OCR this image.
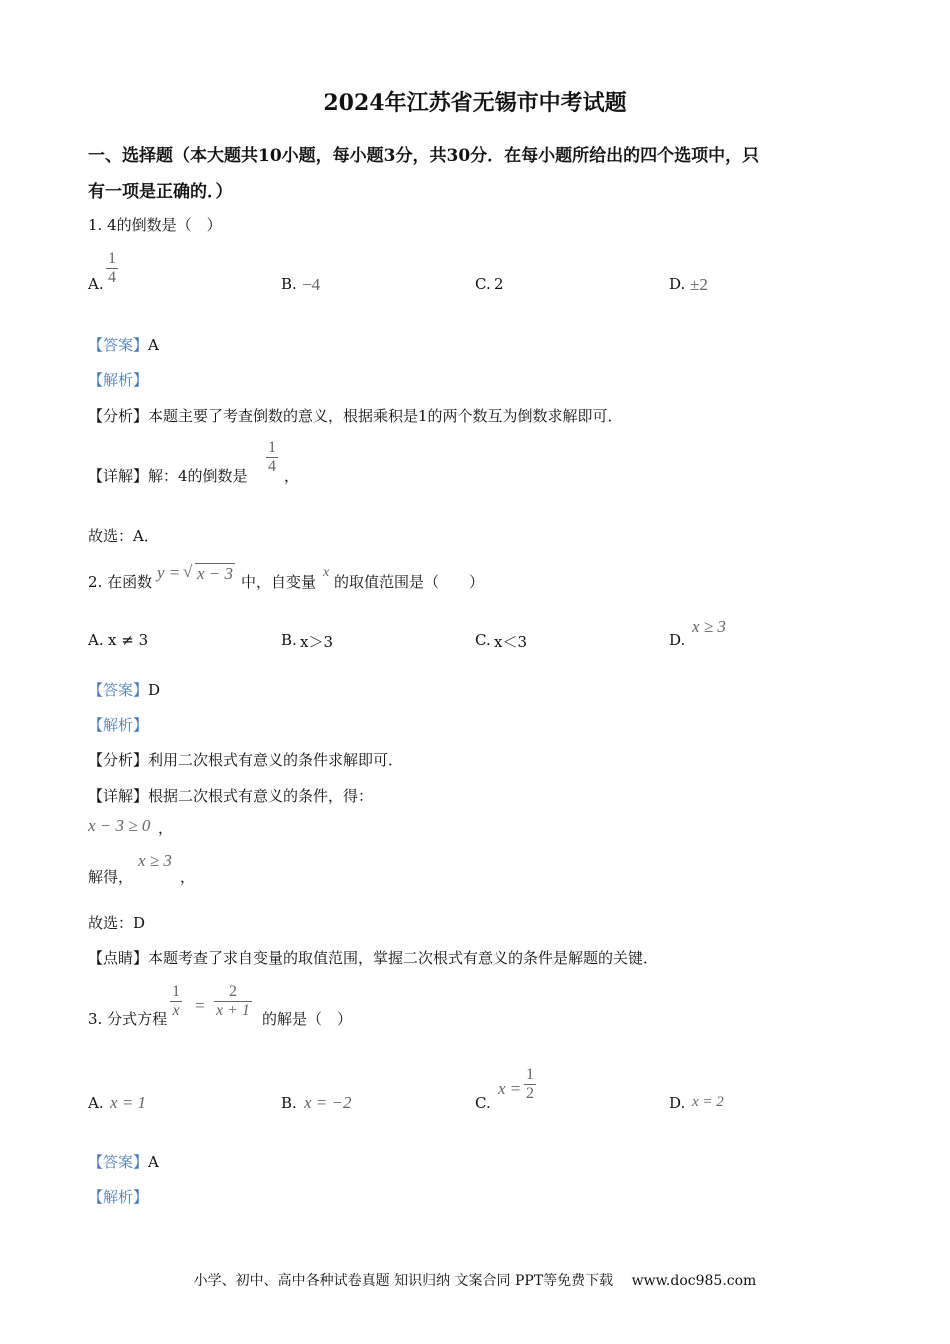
2024年江苏省无锡市中考试题
一、选择题（本大题共10小题，每小题3分，共30分．在每小题所给出的四个选项中，只
有一项是正确的．）
1. 4的倒数是（　）
A. $\frac{1}{4}$	B. −4	C. 2	D. ±2
【答案】A
【解析】
【分析】本题主要了考查倒数的意义，根据乘积是1的两个数互为倒数求解即可．
【详解】解：4的倒数是 $\frac{1}{4}$ ，
故选：A．
2. 在函数 y = √ x − 3 中，自变量
x
的取值范围是（　　）
A. x ≠ 3	B. x＞3	C. x＜3	D.
x ≥ 3
【答案】D
【解析】
【分析】利用二次根式有意义的条件求解即可．
【详解】根据二次根式有意义的条件，得：
x − 3 ≥ 0 ，
解得，
x ≥ 3
，
故选：D
【点睛】本题考查了求自变量的取值范围，掌握二次根式有意义的条件是解题的关键．
3. 分式方程 $\frac{1}{x} = \frac{2}{x + 1}$ 的解是（　）
A. x = 1	B. x = −2	C.
$x = \frac{1}{2}$	D. x = 2
【答案】A
【解析】
小学、初中、高中各种试卷真题 知识归纳 文案合同 PPT等免费下载　 www.doc985.com
